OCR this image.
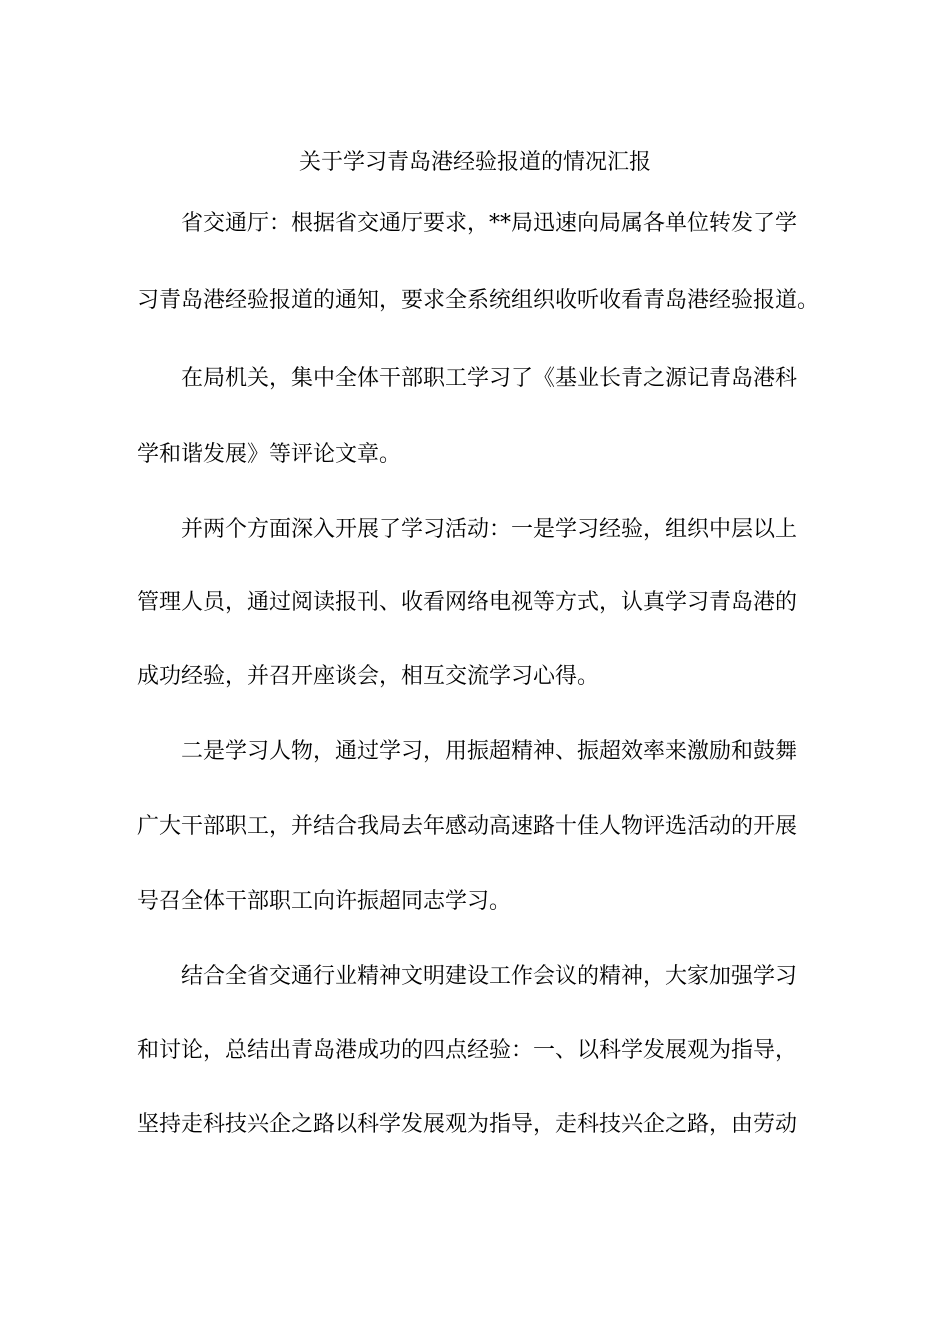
关于学习青岛港经验报道的情况汇报
省交通厅：根据省交通厅要求，**局迅速向局属各单位转发了学
习青岛港经验报道的通知，要求全系统组织收听收看青岛港经验报道。
在局机关，集中全体干部职工学习了《基业长青之源记青岛港科
学和谐发展》等评论文章。
并两个方面深入开展了学习活动：一是学习经验，组织中层以上
管理人员，通过阅读报刊、收看网络电视等方式，认真学习青岛港的
成功经验，并召开座谈会，相互交流学习心得。
二是学习人物，通过学习，用振超精神、振超效率来激励和鼓舞
广大干部职工，并结合我局去年感动高速路十佳人物评选活动的开展
号召全体干部职工向许振超同志学习。
结合全省交通行业精神文明建设工作会议的精神，大家加强学习
和讨论，总结出青岛港成功的四点经验：一、以科学发展观为指导，
坚持走科技兴企之路以科学发展观为指导，走科技兴企之路，由劳动
